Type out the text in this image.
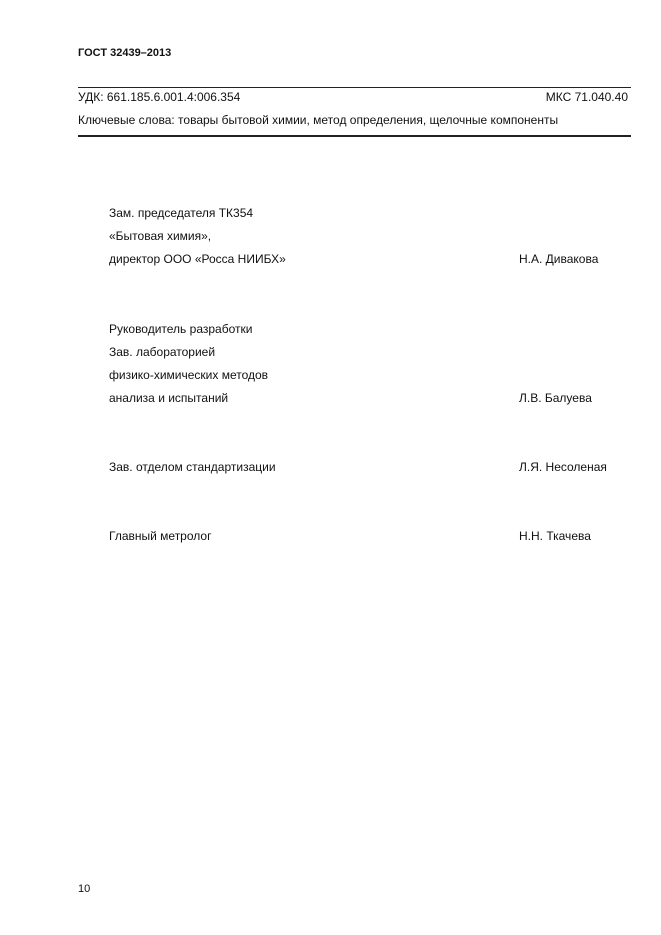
ГОСТ 32439–2013
УДК: 661.185.6.001.4:006.354	МКС 71.040.40
Ключевые слова: товары бытовой химии, метод определения, щелочные компоненты
Зам. председателя ТК354
«Бытовая химия»,
директор ООО «Росса НИИБХ»	Н.А. Дивакова
Руководитель разработки
Зав. лабораторией
физико-химических методов
анализа и испытаний	Л.В. Балуева
Зав. отделом стандартизации	Л.Я. Несоленая
Главный метролог	Н.Н. Ткачева
10
